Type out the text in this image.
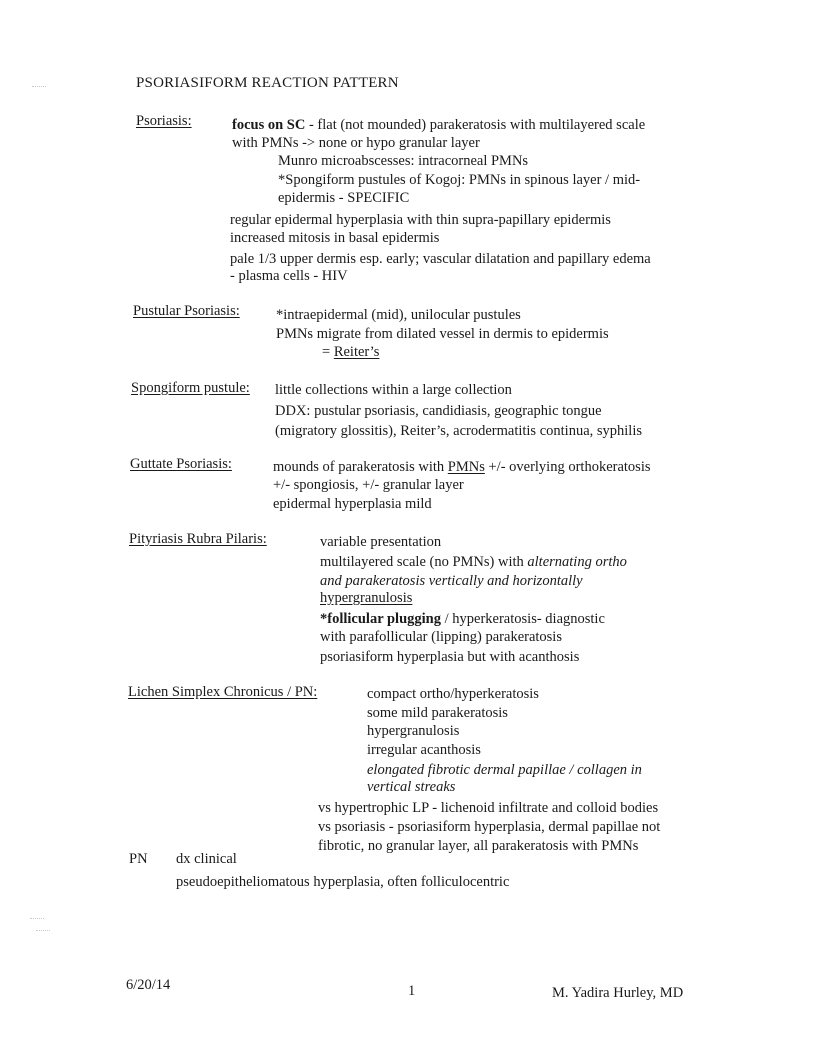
PSORIASIFORM REACTION PATTERN
Psoriasis:	focus on SC - flat (not mounded) parakeratosis with multilayered scale
with PMNs -> none or hypo granular layer
Munro microabscesses: intracorneal PMNs
*Spongiform pustules of Kogoj: PMNs in spinous layer / mid-
epidermis - SPECIFIC
regular epidermal hyperplasia with thin supra-papillary epidermis
increased mitosis in basal epidermis
pale 1/3 upper dermis esp. early; vascular dilatation and papillary edema
- plasma cells - HIV
Pustular Psoriasis:	*intraepidermal (mid), unilocular pustules
PMNs migrate from dilated vessel in dermis to epidermis
= Reiter’s
Spongiform pustule: little collections within a large collection
DDX: pustular psoriasis, candidiasis, geographic tongue
(migratory glossitis), Reiter’s, acrodermatitis continua, syphilis
Guttate Psoriasis:	mounds of parakeratosis with PMNs +/- overlying orthokeratosis
+/- spongiosis, +/- granular layer
epidermal hyperplasia mild
Pityriasis Rubra Pilaris:	variable presentation
multilayered scale (no PMNs) with alternating ortho
and parakeratosis vertically and horizontally
hypergranulosis
*follicular plugging / hyperkeratosis- diagnostic
with parafollicular (lipping) parakeratosis
psoriasiform hyperplasia but with acanthosis
Lichen Simplex Chronicus / PN:	compact ortho/hyperkeratosis
some mild parakeratosis
hypergranulosis
irregular acanthosis
elongated fibrotic dermal papillae / collagen in
vertical streaks
vs hypertrophic LP - lichenoid infiltrate and colloid bodies
vs psoriasis - psoriasiform hyperplasia, dermal papillae not
fibrotic, no granular layer, all parakeratosis with PMNs
PN dx clinical
pseudoepitheliomatous hyperplasia, often folliculocentric
6/20/14	1	M. Yadira Hurley, MD
